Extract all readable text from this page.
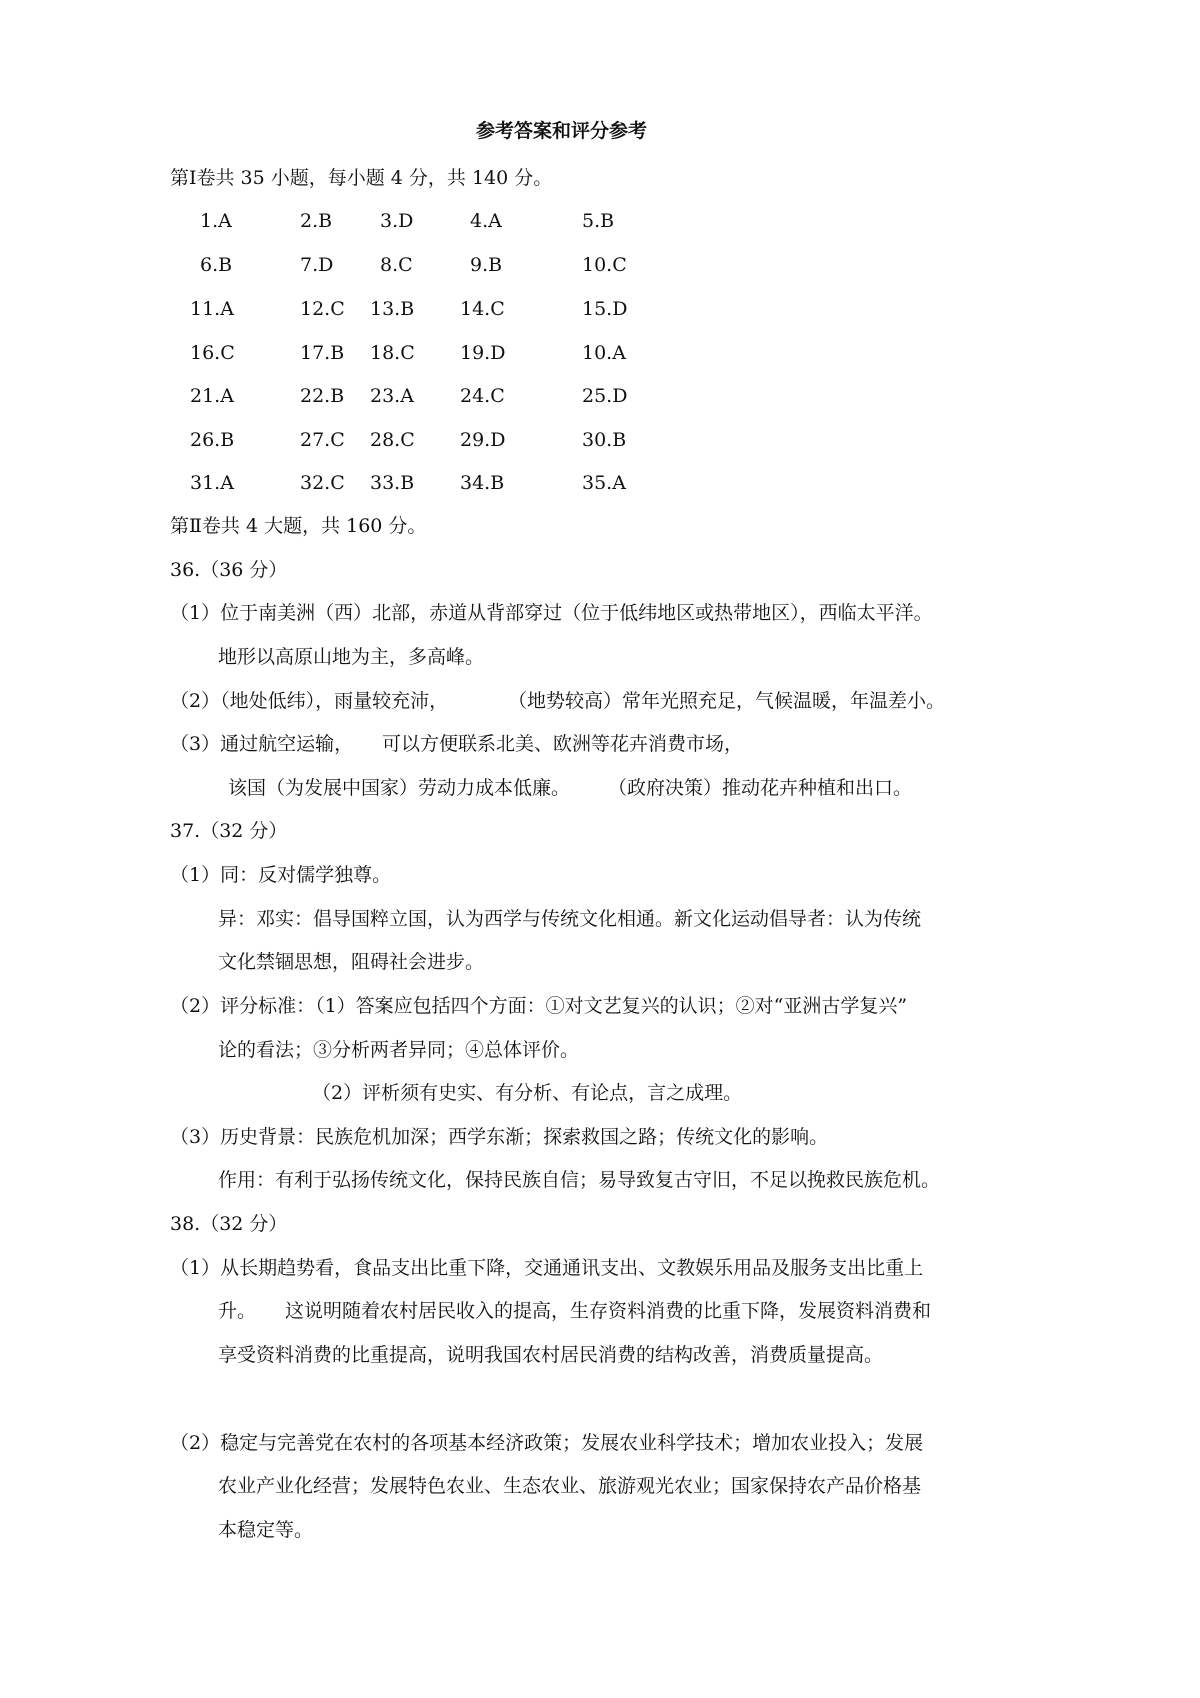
参考答案和评分参考
第Ⅰ卷共 35 小题，每小题 4 分，共 140 分。
1.A	2.B	3.D	4.A	5.B
6.B	7.D 8.C	9.B	10.C
11.A	12.C 13.B 14.C	15.D
16.C	17.B 18.C 19.D	10.A
21.A	22.B 23.A 24.C	25.D
26.B	27.C 28.C 29.D	30.B
31.A	32.C 33.B 34.B	35.A
第Ⅱ卷共 4 大题，共 160 分。
36.（36 分）
（1）位于南美洲（西）北部，赤道从背部穿过（位于低纬地区或热带地区），西临太平洋。
地形以高原山地为主，多高峰。
（2）（地处低纬），雨量较充沛，	（地势较高）常年光照充足，气候温暖，年温差小。
（3）通过航空运输， 可以方便联系北美、欧洲等花卉消费市场，
该国（为发展中国家）劳动力成本低廉。 （政府决策）推动花卉种植和出口。
37.（32 分）
（1）同：反对儒学独尊。
异：邓实：倡导国粹立国，认为西学与传统文化相通。新文化运动倡导者：认为传统
文化禁锢思想，阻碍社会进步。
（2）评分标准：（1）答案应包括四个方面：①对文艺复兴的认识；②对“亚洲古学复兴”
论的看法；③分析两者异同；④总体评价。
（2）评析须有史实、有分析、有论点，言之成理。
（3）历史背景：民族危机加深；西学东渐；探索救国之路；传统文化的影响。
作用：有利于弘扬传统文化，保持民族自信；易导致复古守旧，不足以挽救民族危机。
38.（32 分）
（1）从长期趋势看，食品支出比重下降，交通通讯支出、文教娱乐用品及服务支出比重上
升。 这说明随着农村居民收入的提高，生存资料消费的比重下降，发展资料消费和
享受资料消费的比重提高，说明我国农村居民消费的结构改善，消费质量提高。
（2）稳定与完善党在农村的各项基本经济政策；发展农业科学技术；增加农业投入；发展
农业产业化经营；发展特色农业、生态农业、旅游观光农业；国家保持农产品价格基
本稳定等。
